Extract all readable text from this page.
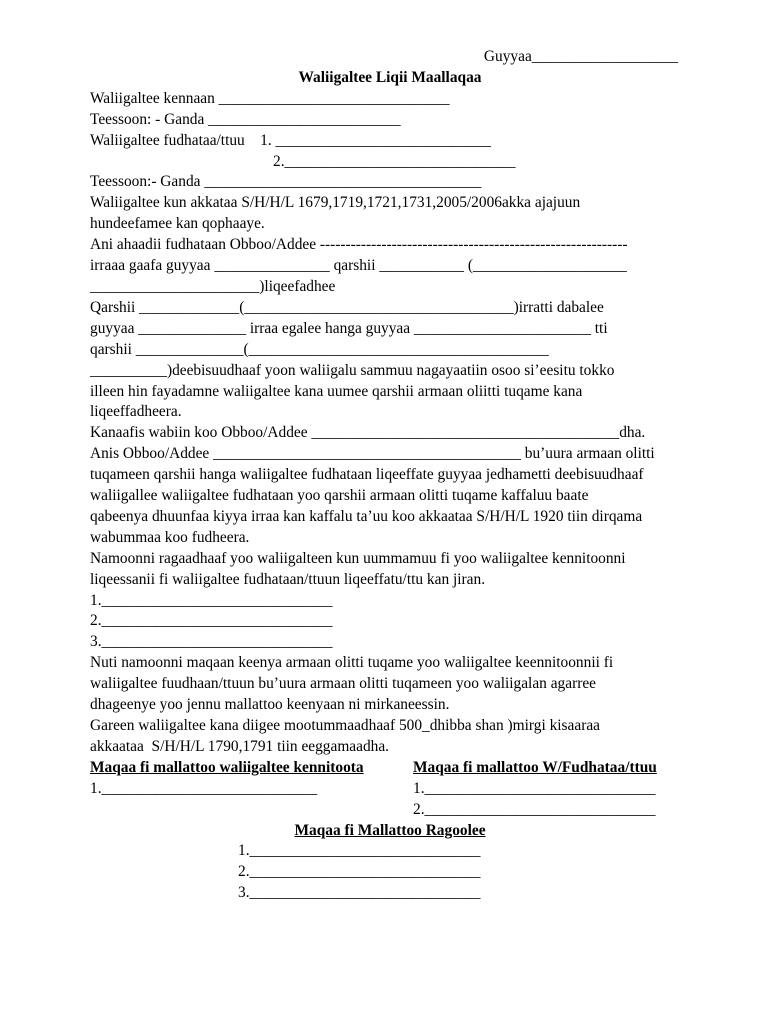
Guyyaa___________________
Waliigaltee Liqii Maallaqaa
Waliigaltee kennaan ______________________________
Teessoon: - Ganda _________________________
Waliigaltee fudhataa/ttuu    1. ____________________________
2.______________________________
Teessoon:- Ganda ____________________________________
Waliigaltee kun akkataa S/H/H/L 1679,1719,1721,1731,2005/2006akka ajajuun
hundeefamee kan qophaaye.
Ani ahaadii fudhataan Obboo/Addee ------------------------------------------------------------
irraaa gaafa guyyaa _______________ qarshii ___________ (____________________
______________________)liqeefadhee
Qarshii _____________(___________________________________)irratti dabalee
guyyaa ______________ irraa egalee hanga guyyaa _______________________ tti
qarshii ______________(_______________________________________
__________)deebisuudhaaf yoon waliigalu sammuu nagayaatiin osoo si’eesitu tokko
illeen hin fayadamne waliigaltee kana uumee qarshii armaan oliitti tuqame kana
liqeeffadheera.
Kanaafis wabiin koo Obboo/Addee ________________________________________dha.
Anis Obboo/Addee ________________________________________ bu’uura armaan olitti
tuqameen qarshii hanga waliigaltee fudhataan liqeeffate guyyaa jedhametti deebisuudhaaf
waliigallee waliigaltee fudhataan yoo qarshii armaan olitti tuqame kaffaluu baate
qabeenya dhuunfaa kiyya irraa kan kaffalu ta’uu koo akkaataa S/H/H/L 1920 tiin dirqama
wabummaa koo fudheera.
Namoonni ragaadhaaf yoo waliigalteen kun uummamuu fi yoo waliigaltee kennitoonni
liqeessanii fi waliigaltee fudhataan/ttuun liqeeffatu/ttu kan jiran.
1.______________________________
2.______________________________
3.______________________________
Nuti namoonni maqaan keenya armaan olitti tuqame yoo waliigaltee keennitoonnii fi
waliigaltee fuudhaan/ttuun bu’uura armaan olitti tuqameen yoo waliigalan agarree
dhageenye yoo jennu mallattoo keenyaan ni mirkaneessin.
Gareen waliigaltee kana diigee mootummaadhaaf 500_dhibba shan )mirgi kisaaraa
akkaataa  S/H/H/L 1790,1791 tiin eeggamaadha.
Maqaa fi mallattoo waliigaltee kennitoota
1.____________________________
Maqaa fi mallattoo W/Fudhataa/ttuu
1.______________________________
2.______________________________
Maqaa fi Mallattoo Ragoolee
1.______________________________
2.______________________________
3.______________________________
